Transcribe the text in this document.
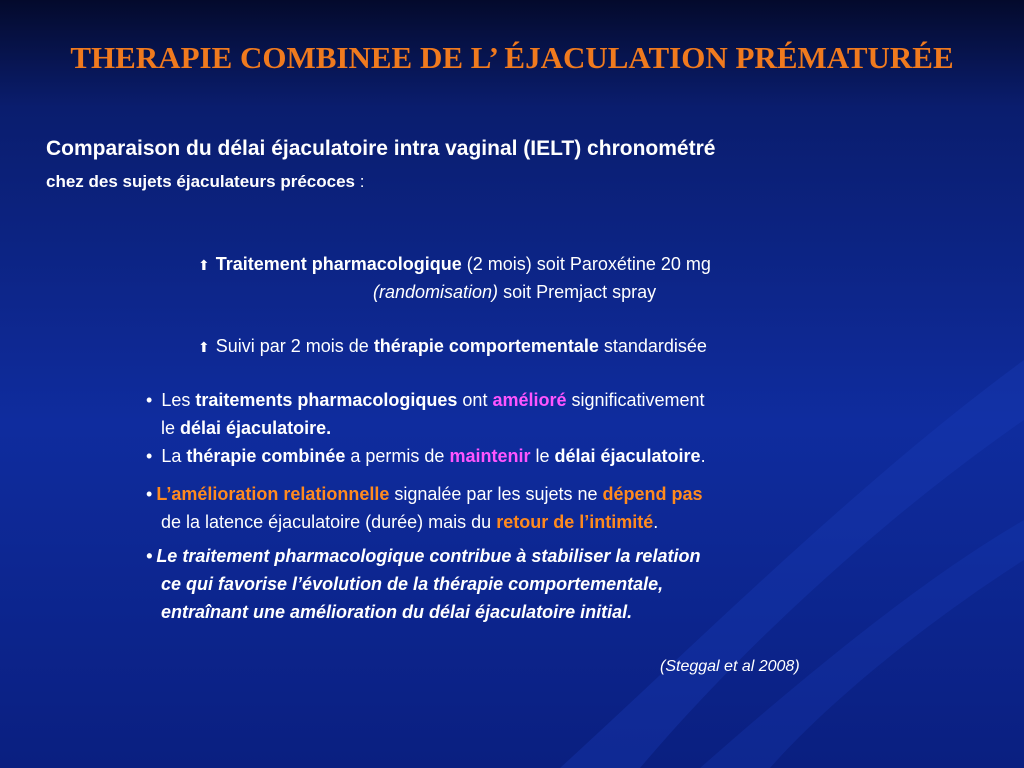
THERAPIE COMBINEE DE L’ ÉJACULATION PRÉMATURÉE

Comparaison du délai éjaculatoire intra vaginal (IELT) chronométré

chez des sujets éjaculateurs précoces :

⬆ Traitement pharmacologique (2 mois) soit Paroxétine 20 mg

(randomisation) soit Premjact spray

⬆ Suivi par 2 mois de thérapie comportementale standardisée

• Les traitements pharmacologiques ont amélioré significativement

le délai éjaculatoire.

• La thérapie combinée a permis de maintenir le délai éjaculatoire.

• L’amélioration relationnelle signalée par les sujets ne dépend pas

de la latence éjaculatoire (durée) mais du retour de l’intimité.

• Le traitement pharmacologique contribue à stabiliser la relation

ce qui favorise l’évolution de la thérapie comportementale,

entraînant une amélioration du délai éjaculatoire initial.

(Steggal et al 2008)
